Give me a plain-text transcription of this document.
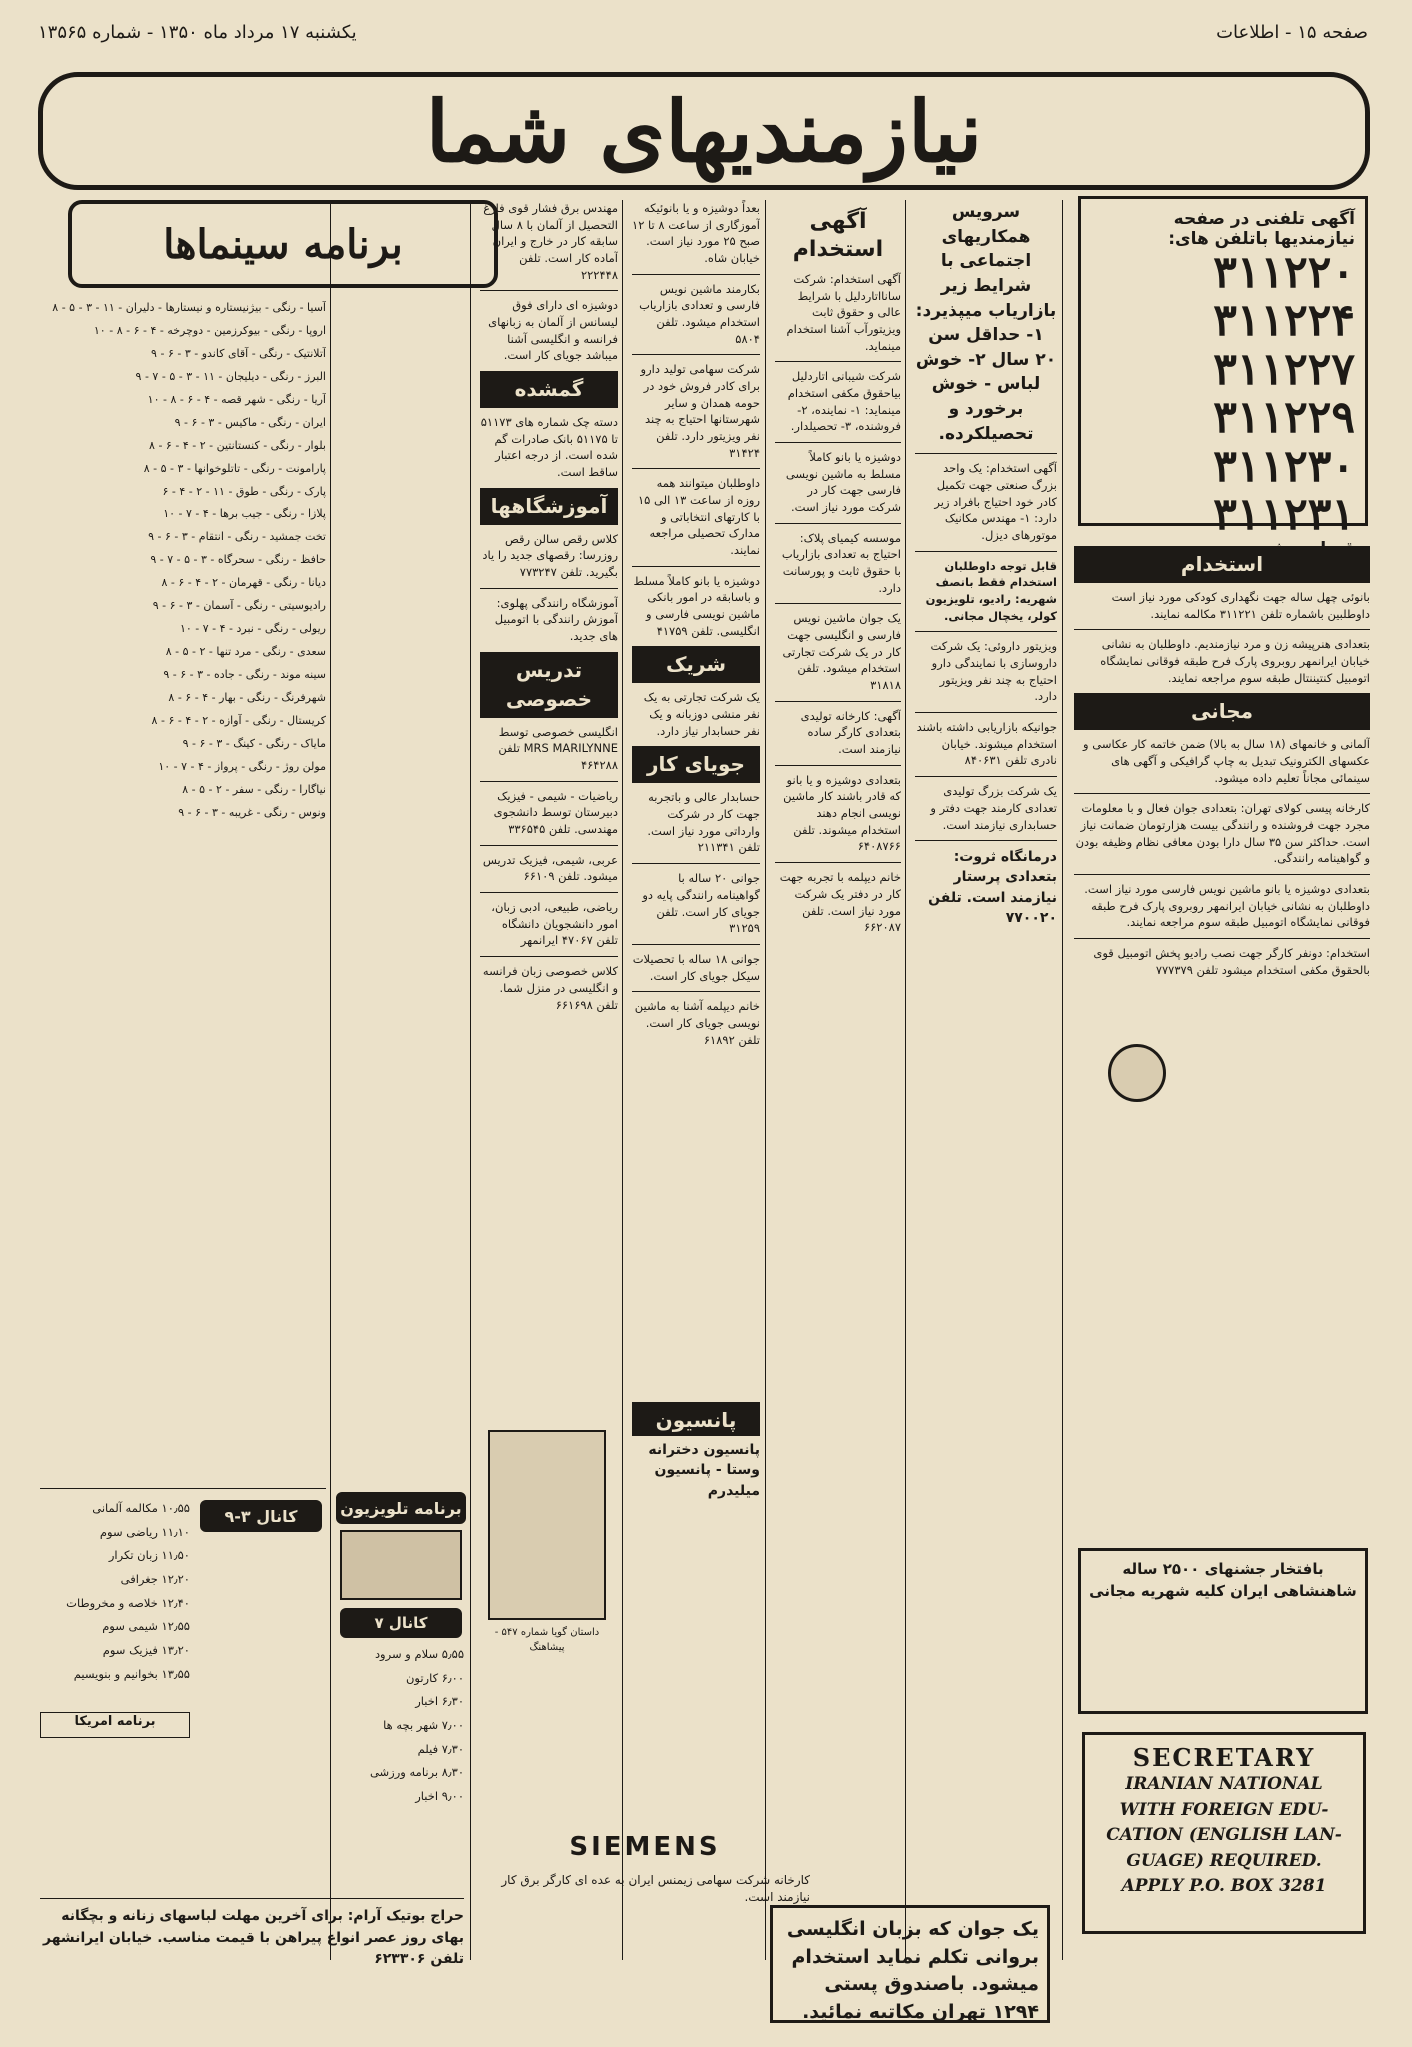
یکشنبه ۱۷ مرداد ماه ۱۳۵۰ - شماره ۱۳۵۶۵	صفحه ۱۵ - اطلاعات
نیازمندیهای شما
آگهی تلفنی در صفحه نیازمندیها باتلفن های:
۳۱۱۲۲۰
۳۱۱۲۲۴
۳۱۱۲۲۷
۳۱۱۲۲۹
۳۱۱۲۳۰
۳۱۱۲۳۱
استخدام

بانوئی چهل ساله جهت نگهداری کودکی مورد نیاز است داوطلبین باشماره تلفن ۳۱۱۲۲۱ مکالمه نمایند.

بتعدادی هنرپیشه زن و مرد نیازمندیم. داوطلبان به نشانی خیابان ایرانمهر روبروی پارک فرح طبقه فوقانی نمایشگاه اتومبیل کنتیننتال طبقه سوم مراجعه نمایند.

مجانی

آلمانی و خانمهای (۱۸ سال به بالا) ضمن خاتمه کار عکاسی و عکسهای الکترونیک تبدیل به چاپ گرافیکی و آگهی های سینمائی مجاناً تعلیم داده میشود.

کارخانه پیسی کولای تهران: بتعدادی جوان فعال و با معلومات مجرد جهت فروشنده و رانندگی بیست هزارتومان ضمانت نیاز است. حداکثر سن ۳۵ سال دارا بودن معافی نظام وظیفه بودن و گواهینامه رانندگی.

بتعدادی دوشیزه یا بانو ماشین نویس فارسی مورد نیاز است. داوطلبان به نشانی خیابان ایرانمهر روبروی پارک فرح طبقه فوقانی نمایشگاه اتومبیل طبقه سوم مراجعه نمایند.

استخدام: دونفر کارگر جهت نصب رادیو پخش اتومبیل قوی بالحقوق مکفی استخدام میشود تلفن ۷۷۷۳۷۹

بافتخار جشنهای ۲۵۰۰ ساله شاهنشاهی ایران کلیه شهریه مجانی
SECRETARY
IRANIAN NATIONAL
WITH FOREIGN EDU-
CATION (ENGLISH LAN-
GUAGE) REQUIRED.
APPLY P.O. BOX 3281

سرویس همکاریهای اجتماعی با شرایط زیر بازاریاب میپذیرد: ۱- حداقل سن ۲۰ سال ۲- خوش لباس - خوش برخورد و تحصیلکرده.

آگهی استخدام: یک واحد بزرگ صنعتی جهت تکمیل کادر خود احتیاج بافراد زیر دارد: ۱- مهندس مکانیک موتورهای دیزل.

قابل توجه داوطلبان استخدام فقط بانصف شهریه: رادیو، تلویزیون کولر، یخچال مجانی.

ویزیتور داروئی: یک شرکت داروسازی با نمایندگی دارو احتیاج به چند نفر ویزیتور دارد.

جوانیکه بازاریابی داشته باشند استخدام میشوند. خیابان نادری تلفن ۸۴۰۶۳۱

یک شرکت بزرگ تولیدی تعدادی کارمند جهت دفتر و حسابداری نیازمند است.

درمانگاه ثروت: بتعدادی پرستار نیازمند است. تلفن ۷۷۰۰۲۰

یک جوان که بزبان انگلیسی بروانی تکلم نماید استخدام میشود. باصندوق پستی ۱۲۹۴ تهران مکاتبه نمائید.
آگهی استخدام

آگهی استخدام: شرکت سانااتاردلیل با شرایط عالی و حقوق ثابت ویزیتورآب آشنا استخدام مینماید.

شرکت شیبانی اتاردلیل بیاحقوق مکفی استخدام مینماید: ۱- نماینده، ۲- فروشنده، ۳- تحصیلدار.

دوشیزه یا بانو کاملاً مسلط به ماشین نویسی فارسی جهت کار در شرکت مورد نیاز است.

موسسه کیمیای پلاک: احتیاج به تعدادی بازاریاب با حقوق ثابت و پورسانت دارد.

یک جوان ماشین نویس فارسی و انگلیسی جهت کار در یک شرکت تجارتی استخدام میشود. تلفن ۳۱۸۱۸

آگهی: کارخانه تولیدی بتعدادی کارگر ساده نیازمند است.

بتعدادی دوشیزه و یا بانو که قادر باشند کار ماشین نویسی انجام دهند استخدام میشوند. تلفن ۶۴۰۸۷۶۶

خانم دیپلمه با تجربه جهت کار در دفتر یک شرکت مورد نیاز است. تلفن ۶۶۲۰۸۷

بعداً دوشیزه و یا بانوئیکه آموزگاری از ساعت ۸ تا ۱۲ صبح ۲۵ مورد نیاز است. خیابان شاه.

بکارمند ماشین نویس فارسی و تعدادی بازاریاب استخدام میشود. تلفن ۵۸۰۴

شرکت سهامی تولید دارو برای کادر فروش خود در حومه همدان و سایر شهرستانها احتیاج به چند نفر ویزیتور دارد. تلفن ۳۱۴۲۴

داوطلبان میتوانند همه روزه از ساعت ۱۳ الی ۱۵ با کارتهای انتخاباتی و مدارک تحصیلی مراجعه نمایند.

دوشیزه یا بانو کاملاً مسلط و باسابقه در امور بانکی ماشین نویسی فارسی و انگلیسی. تلفن ۴۱۷۵۹

شریک

یک شرکت تجارتی به یک نفر منشی دوزبانه و یک نفر حسابدار نیاز دارد.

جویای کار

حسابدار عالی و باتجربه جهت کار در شرکت وارداتی مورد نیاز است. تلفن ۲۱۱۳۴۱

جوانی ۲۰ ساله با گواهینامه رانندگی پایه دو جویای کار است. تلفن ۳۱۲۵۹

جوانی ۱۸ ساله با تحصیلات سیکل جویای کار است.

خانم دیپلمه آشنا به ماشین نویسی جویای کار است. تلفن ۶۱۸۹۲

SIEMENS

کارخانه شرکت سهامی زیمنس ایران به عده ای کارگر برق کار نیازمند است.

مهندس برق فشار قوی فارغ التحصیل از آلمان با ۸ سال سابقه کار در خارج و ایران آماده کار است. تلفن ۲۲۲۴۴۸

دوشیزه ای دارای فوق لیسانس از آلمان به زبانهای فرانسه و انگلیسی آشنا میباشد جویای کار است.

گمشده

دسته چک شماره های ۵۱۱۷۳ تا ۵۱۱۷۵ بانک صادرات گم شده است. از درجه اعتبار ساقط است.

آموزشگاهها

کلاس رقص سالن رقص روزرسا: رقصهای جدید را یاد بگیرید. تلفن ۷۷۳۲۴۷

آموزشگاه رانندگی پهلوی: آموزش رانندگی با اتومبیل های جدید.

تدریس خصوصی

انگلیسی خصوصی توسط MRS MARILYNNE تلفن ۴۶۴۲۸۸

ریاضیات - شیمی - فیزیک دبیرستان توسط دانشجوی مهندسی. تلفن ۳۳۶۵۴۵

عربی، شیمی، فیزیک تدریس میشود. تلفن ۶۶۱۰۹

ریاضی، طبیعی، ادبی زبان، امور دانشجویان دانشگاه تلفن ۴۷۰۶۷ ایرانمهر

کلاس خصوصی زبان فرانسه و انگلیسی در منزل شما. تلفن ۶۶۱۶۹۸

پانسیون

پانسیون دخترانه وستا - پانسیون میلیدرم

داستان گویا شماره ۵۴۷ - پیشاهنگ
برنامه تلویزیون
کانال ۷

۵٫۵۵ سلام و سرود

۶٫۰۰ کارتون

۶٫۳۰ اخبار

۷٫۰۰ شهر بچه ها

۷٫۳۰ فیلم

۸٫۳۰ برنامه ورزشی

۹٫۰۰ اخبار

برنامه سینماها

آسیا - رنگی - بیژنیستاره و نیستارها - دلیران - ۱۱ - ۳ - ۵ - ۸

اروپا - رنگی - بیوکرزمین - دوچرخه - ۴ - ۶ - ۸ - ۱۰

آتلانتیک - رنگی - آقای کاندو - ۳ - ۶ - ۹

البرز - رنگی - دیلیجان - ۱۱ - ۳ - ۵ - ۷ - ۹

آریا - رنگی - شهر قصه - ۴ - ۶ - ۸ - ۱۰

ایران - رنگی - ماکیس - ۳ - ۶ - ۹

بلوار - رنگی - کنستانتین - ۲ - ۴ - ۶ - ۸

پارامونت - رنگی - تاتلوخوانها - ۳ - ۵ - ۸

پارک - رنگی - طوق - ۱۱ - ۲ - ۴ - ۶

پلازا - رنگی - جیب برها - ۴ - ۷ - ۱۰

تخت جمشید - رنگی - انتقام - ۳ - ۶ - ۹

حافظ - رنگی - سحرگاه - ۳ - ۵ - ۷ - ۹

دیانا - رنگی - قهرمان - ۲ - ۴ - ۶ - ۸

رادیوسیتی - رنگی - آسمان - ۳ - ۶ - ۹

ریولی - رنگی - نبرد - ۴ - ۷ - ۱۰

سعدی - رنگی - مرد تنها - ۲ - ۵ - ۸

سینه موند - رنگی - جاده - ۳ - ۶ - ۹

شهرفرنگ - رنگی - بهار - ۴ - ۶ - ۸

کریستال - رنگی - آوازه - ۲ - ۴ - ۶ - ۸

مایاک - رنگی - کینگ - ۳ - ۶ - ۹

مولن روژ - رنگی - پرواز - ۴ - ۷ - ۱۰

نیاگارا - رنگی - سفر - ۲ - ۵ - ۸

ونوس - رنگی - غریبه - ۳ - ۶ - ۹

کانال ۳-۹

۱۰٫۵۵ مکالمه آلمانی

۱۱٫۱۰ ریاضی سوم

۱۱٫۵۰ زبان تکرار

۱۲٫۲۰ جغرافی

۱۲٫۴۰ خلاصه و مخروطات

۱۲٫۵۵ شیمی سوم

۱۳٫۲۰ فیزیک سوم

۱۳٫۵۵ بخوانیم و بنویسیم

برنامه امریکا

حراج بوتیک آرام: برای آخرین مهلت لباسهای زنانه و بچگانه بهای روز عصر انواع پیراهن با قیمت مناسب. خیابان ایرانشهر تلفن ۶۲۳۳۰۶
